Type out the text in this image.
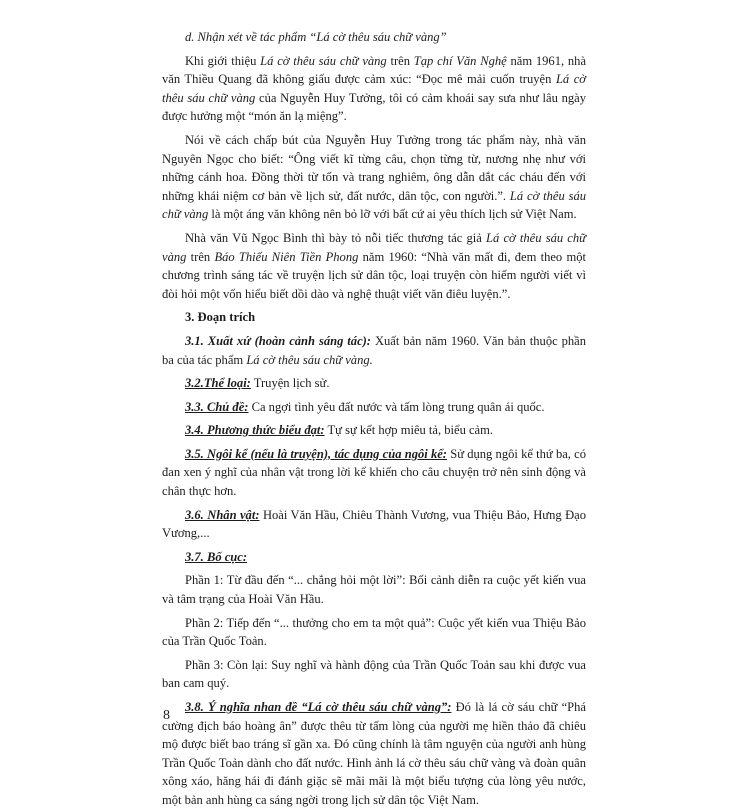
d. Nhận xét về tác phẩm “Lá cờ thêu sáu chữ vàng”

Khi giới thiệu Lá cờ thêu sáu chữ vàng trên Tạp chí Văn Nghệ năm 1961, nhà văn Thiều Quang đã không giấu được cảm xúc: “Đọc mê mải cuốn truyện Lá cờ thêu sáu chữ vàng của Nguyễn Huy Tưởng, tôi có cảm khoái say sưa như lâu ngày được hưởng một “món ăn lạ miệng”.

Nói về cách chấp bút của Nguyễn Huy Tưởng trong tác phẩm này, nhà văn Nguyên Ngọc cho biết: “Ông viết kĩ từng câu, chọn từng từ, nương nhẹ như với những cánh hoa. Đồng thời từ tốn và trang nghiêm, ông dẫn dắt các cháu đến với những khái niệm cơ bản về lịch sử, đất nước, dân tộc, con người.”. Lá cờ thêu sáu chữ vàng là một áng văn không nên bỏ lỡ với bất cứ ai yêu thích lịch sử Việt Nam.

Nhà văn Vũ Ngọc Bình thì bày tỏ nỗi tiếc thương tác giả Lá cờ thêu sáu chữ vàng trên Báo Thiếu Niên Tiền Phong năm 1960: “Nhà văn mất đi, đem theo một chương trình sáng tác về truyện lịch sử dân tộc, loại truyện còn hiếm người viết vì đòi hỏi một vốn hiểu biết dồi dào và nghệ thuật viết văn điêu luyện.”.

3. Đoạn trích

3.1. Xuất xứ (hoàn cảnh sáng tác): Xuất bản năm 1960. Văn bản thuộc phần ba của tác phẩm Lá cờ thêu sáu chữ vàng.

3.2.Thể loại: Truyện lịch sử.

3.3. Chủ đề: Ca ngợi tình yêu đất nước và tấm lòng trung quân ái quốc.

3.4. Phương thức biểu đạt: Tự sự kết hợp miêu tả, biểu cảm.

3.5. Ngôi kể (nếu là truyện), tác dụng của ngôi kể: Sử dụng ngôi kể thứ ba, có đan xen ý nghĩ của nhân vật trong lời kể khiến cho câu chuyện trở nên sinh động và chân thực hơn.

3.6. Nhân vật: Hoài Văn Hầu, Chiêu Thành Vương, vua Thiệu Bảo, Hưng Đạo Vương,...

3.7. Bố cục:

Phần 1: Từ đầu đến “... chẳng hỏi một lời”: Bối cảnh diễn ra cuộc yết kiến vua và tâm trạng của Hoài Văn Hầu.

Phần 2: Tiếp đến “... thưởng cho em ta một quả”: Cuộc yết kiến vua Thiệu Bảo của Trần Quốc Toản.

Phần 3: Còn lại: Suy nghĩ và hành động của Trần Quốc Toản sau khi được vua ban cam quý.

3.8. Ý nghĩa nhan đề “Lá cờ thêu sáu chữ vàng”: Đó là lá cờ sáu chữ “Phá cường địch báo hoàng ân” được thêu từ tấm lòng của người mẹ hiền thảo đã chiêu mộ được biết bao tráng sĩ gần xa. Đó cũng chính là tâm nguyện của người anh hùng Trần Quốc Toản dành cho đất nước. Hình ảnh lá cờ thêu sáu chữ vàng và đoàn quân xông xáo, hăng hái đi đánh giặc sẽ mãi mãi là một biểu tượng của lòng yêu nước, một bản anh hùng ca sáng ngời trong lịch sử dân tộc Việt Nam.

8
